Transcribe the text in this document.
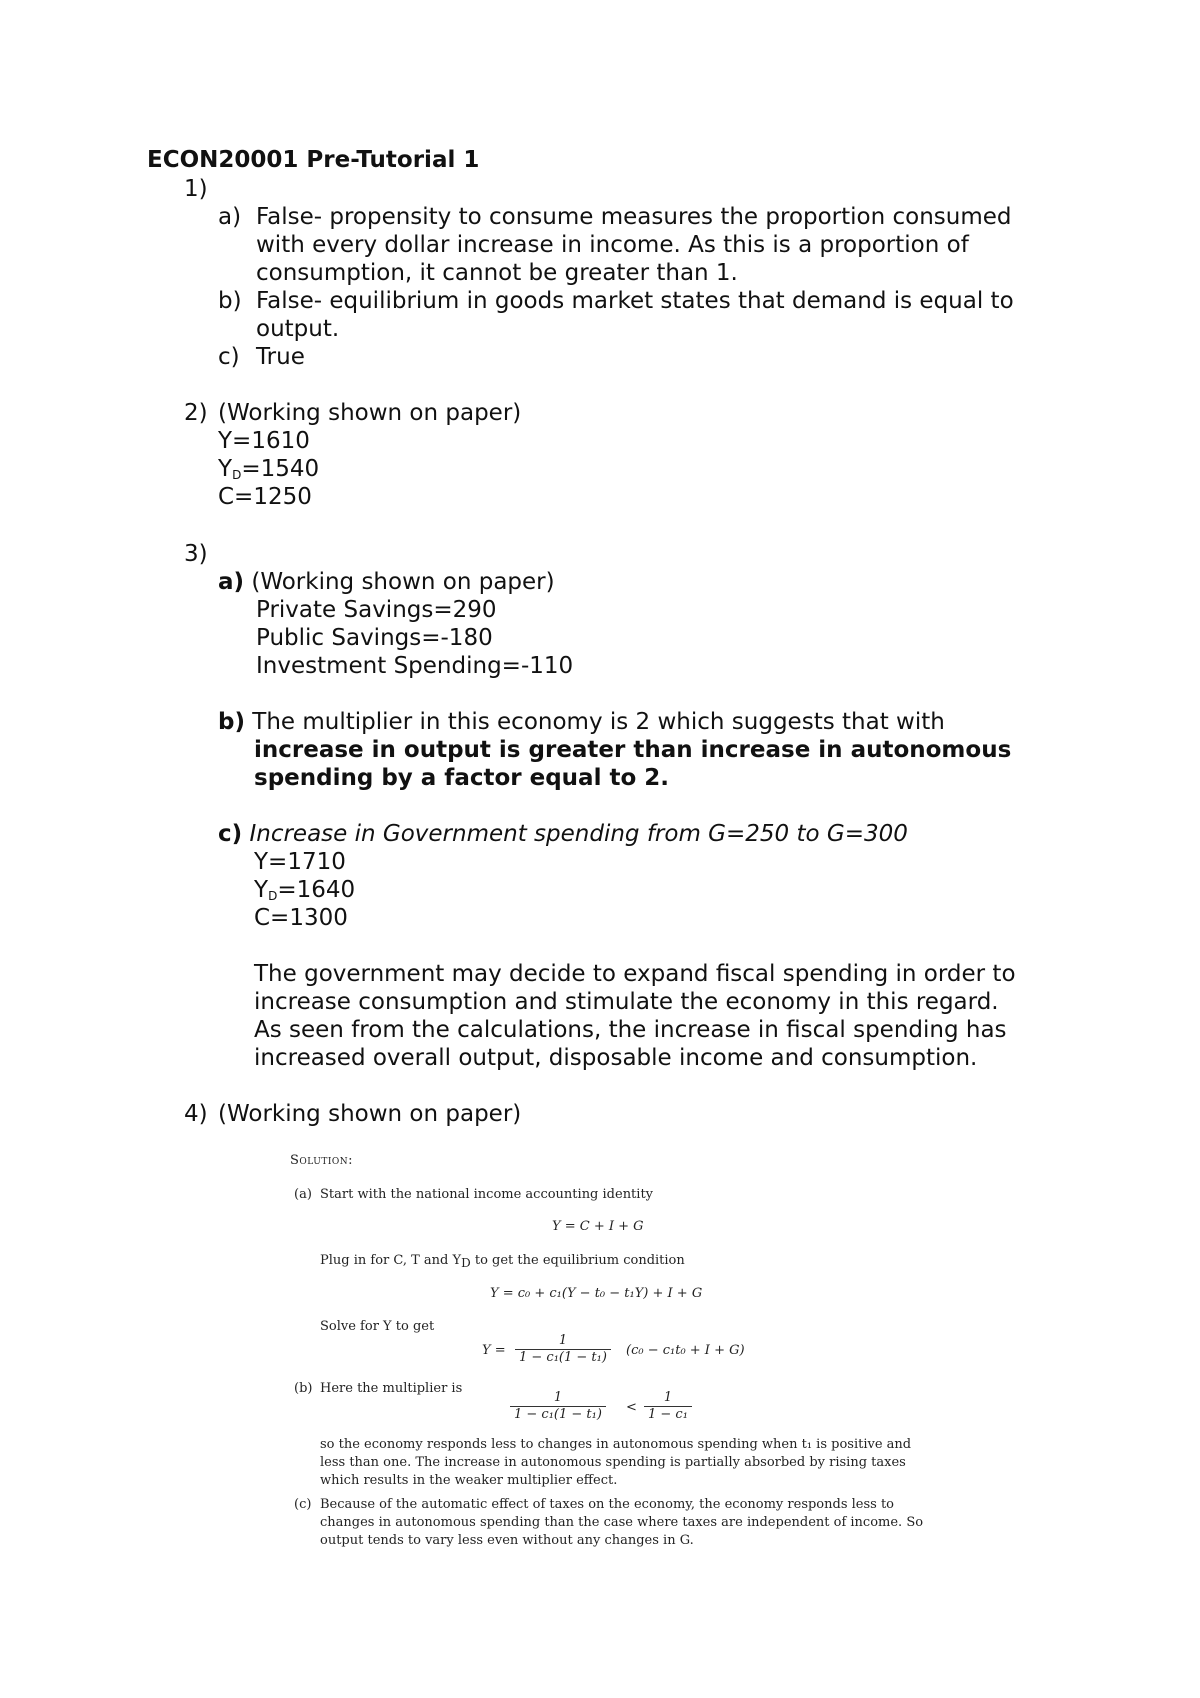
ECON20001 Pre-Tutorial 1
1)
a) False- propensity to consume measures the proportion consumed
with every dollar increase in income. As this is a proportion of
consumption, it cannot be greater than 1.
b) False- equilibrium in goods market states that demand is equal to
output.
c) True
2) (Working shown on paper)
Y=1610
$Y_D=1540$
C=1250
3)
a) (Working shown on paper)
Private Savings=290
Public Savings=-180
Investment Spending=-110
b) The multiplier in this economy is 2 which suggests that with
increase in output is greater than increase in autonomous
spending by a factor equal to 2.
c) Increase in Government spending from G=250 to G=300
Y=1710
$Y_D=1640$
C=1300
The government may decide to expand fiscal spending in order to
increase consumption and stimulate the economy in this regard.
As seen from the calculations, the increase in fiscal spending has
increased overall output, disposable income and consumption.
4) (Working shown on paper)
Solution:
(a) Start with the national income accounting identity
Y = C + I + G
Plug in for C, T and $Y_D$ to get the equilibrium condition
Y = c₀ + c₁(Y − t₀ − t₁Y) + I + G
Solve for Y to get
$Y = \frac{1}{\text{1 − c₁(1 − t₁)}} (c_0 - c_1t_0 + I + G)$
(b) Here the multiplier is
$\frac{1}{\text{1 − c₁(1 − t₁)}} < \frac{1}{\text{1 − c₁}}$
so the economy responds less to changes in autonomous spending when t₁ is positive and
less than one. The increase in autonomous spending is partially absorbed by rising taxes
which results in the weaker multiplier effect.
(c) Because of the automatic effect of taxes on the economy, the economy responds less to
changes in autonomous spending than the case where taxes are independent of income. So
output tends to vary less even without any changes in G.
